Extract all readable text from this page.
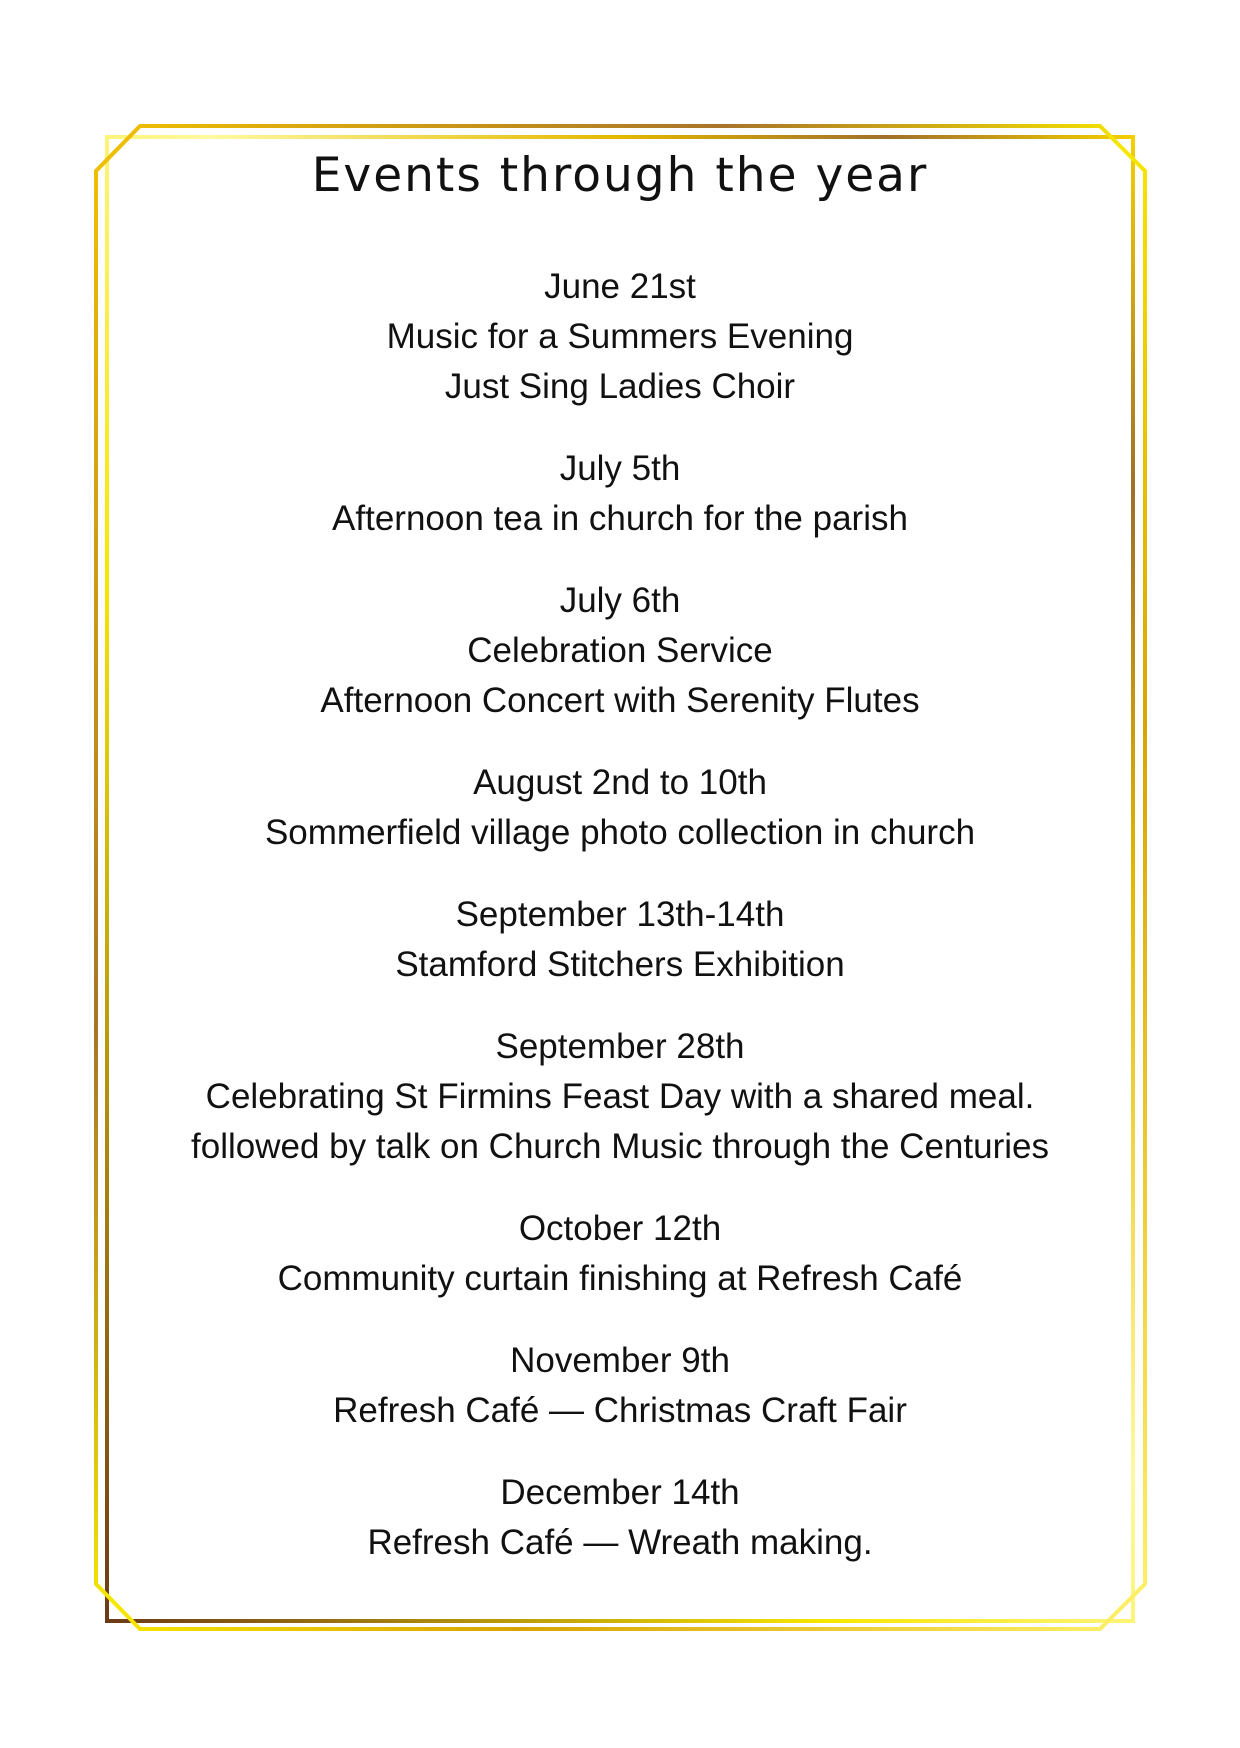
Events through the year
June 21st
Music for a Summers Evening
Just Sing Ladies Choir
July 5th
Afternoon tea in church for the parish
July 6th
Celebration Service
Afternoon Concert with Serenity Flutes
August 2nd to 10th
Sommerfield village photo collection in church
September 13th-14th
Stamford Stitchers Exhibition
September 28th
Celebrating St Firmins Feast Day with a shared meal.
followed by talk on Church Music through the Centuries
October 12th
Community curtain finishing at Refresh Café
November 9th
Refresh Café — Christmas Craft Fair
December 14th
Refresh Café — Wreath making.
